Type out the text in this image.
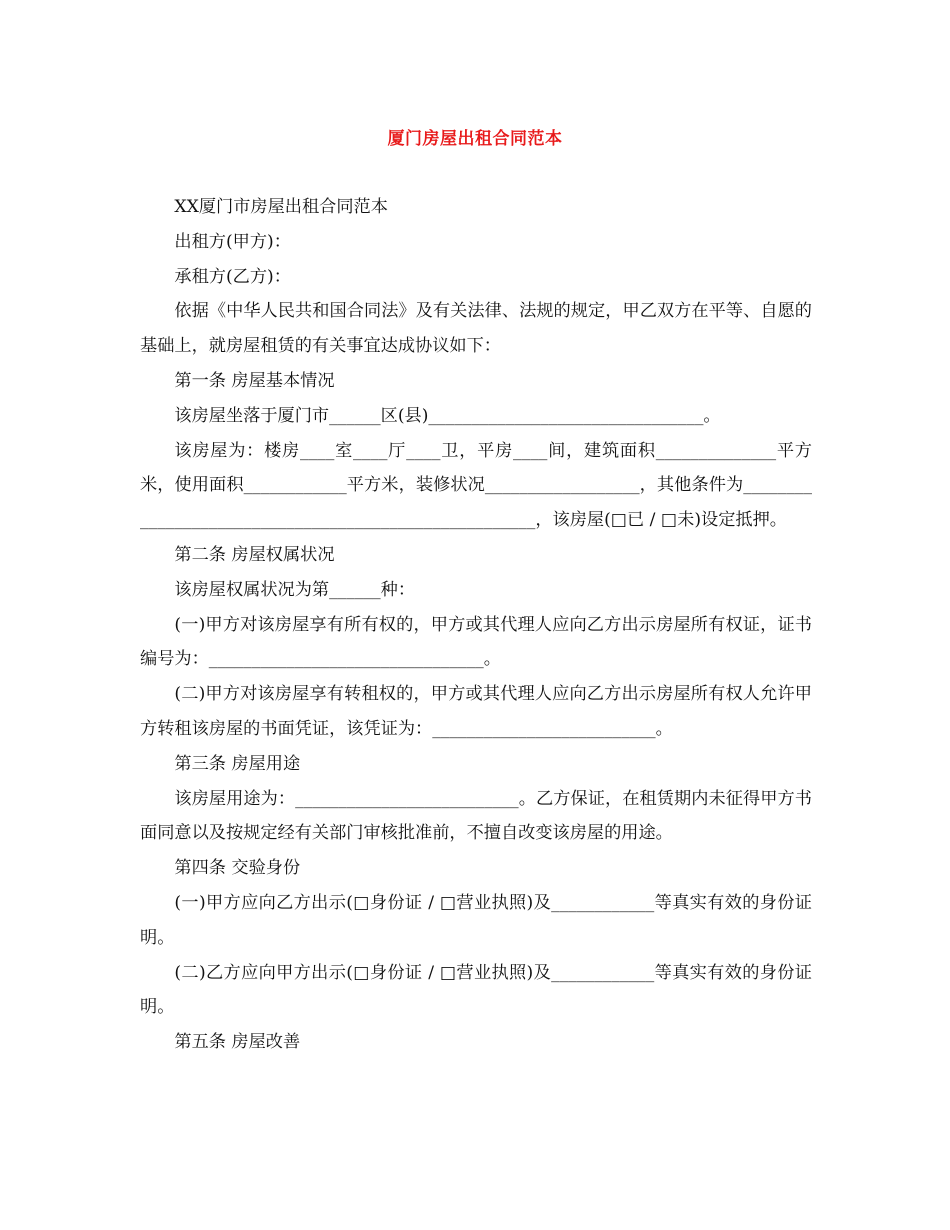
厦门房屋出租合同范本

XX厦门市房屋出租合同范本

出租方(甲方)：

承租方(乙方)：

依据《中华人民共和国合同法》及有关法律、法规的规定，甲乙双方在平等、自愿的基础上，就房屋租赁的有关事宜达成协议如下：

第一条 房屋基本情况

该房屋坐落于厦门市______区(县)________________________________。

该房屋为：楼房____室____厅____卫，平房____间，建筑面积______________平方米，使用面积____________平方米，装修状况__________________，其他条件为______________________________________________________，该房屋(□已 / □未)设定抵押。

第二条 房屋权属状况

该房屋权属状况为第______种：

(一)甲方对该房屋享有所有权的，甲方或其代理人应向乙方出示房屋所有权证，证书编号为：________________________________。

(二)甲方对该房屋享有转租权的，甲方或其代理人应向乙方出示房屋所有权人允许甲方转租该房屋的书面凭证，该凭证为：__________________________。

第三条 房屋用途

该房屋用途为：__________________________。乙方保证，在租赁期内未征得甲方书面同意以及按规定经有关部门审核批准前，不擅自改变该房屋的用途。

第四条 交验身份

(一)甲方应向乙方出示(□身份证 / □营业执照)及____________等真实有效的身份证明。

(二)乙方应向甲方出示(□身份证 / □营业执照)及____________等真实有效的身份证明。

第五条 房屋改善
